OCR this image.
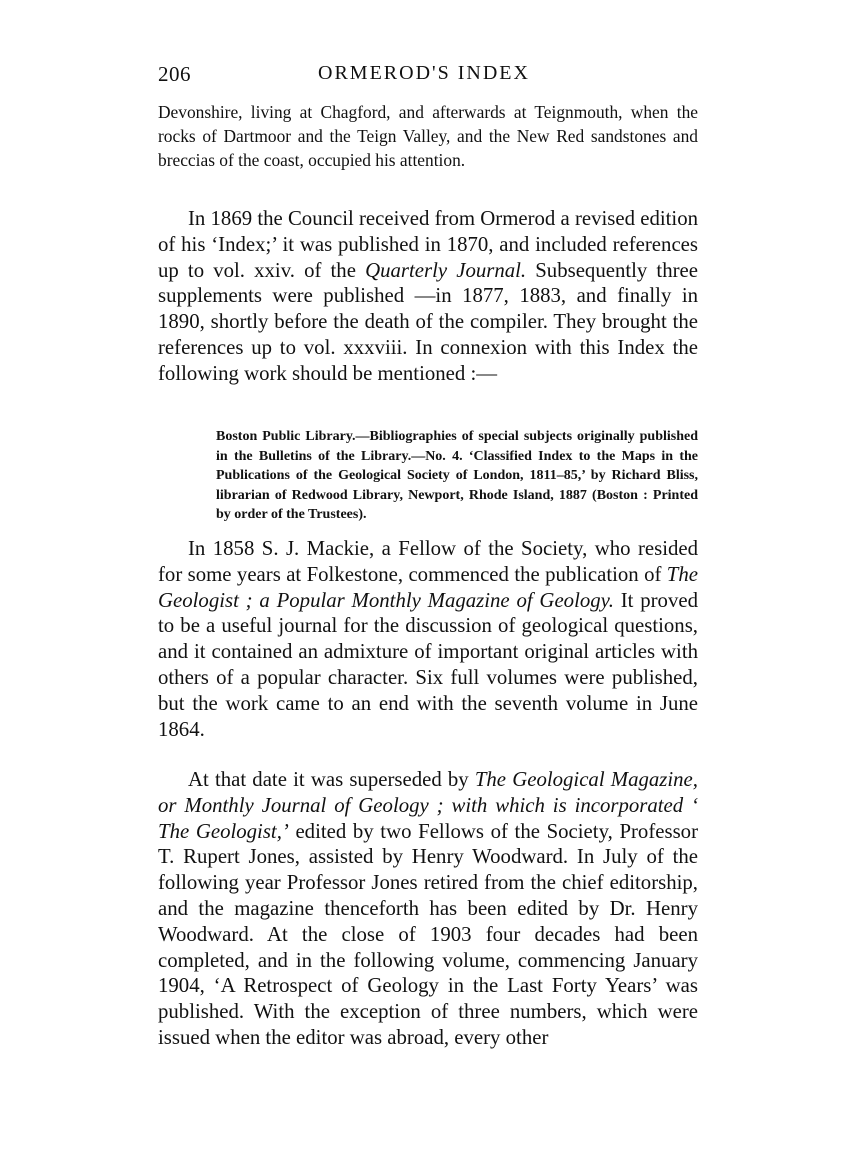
206	ORMEROD'S INDEX

Devonshire, living at Chagford, and afterwards at Teignmouth, when the rocks of Dartmoor and the Teign Valley, and the New Red sandstones and breccias of the coast, occupied his attention.

In 1869 the Council received from Ormerod a revised edition of his ‘Index;’ it was published in 1870, and included references up to vol. xxiv. of the Quarterly Journal. Subsequently three supplements were published —in 1877, 1883, and finally in 1890, shortly before the death of the compiler. They brought the references up to vol. xxxviii. In connexion with this Index the following work should be mentioned :—

Boston Public Library.—Bibliographies of special subjects originally published in the Bulletins of the Library.—No. 4. ‘Classified Index to the Maps in the Publications of the Geological Society of London, 1811–85,’ by Richard Bliss, librarian of Redwood Library, Newport, Rhode Island, 1887 (Boston : Printed by order of the Trustees).

In 1858 S. J. Mackie, a Fellow of the Society, who resided for some years at Folkestone, commenced the publication of The Geologist ; a Popular Monthly Magazine of Geology. It proved to be a useful journal for the discussion of geological questions, and it contained an admixture of important original articles with others of a popular character. Six full volumes were published, but the work came to an end with the seventh volume in June 1864.

At that date it was superseded by The Geological Magazine, or Monthly Journal of Geology ; with which is incorporated ‘ The Geologist,’ edited by two Fellows of the Society, Professor T. Rupert Jones, assisted by Henry Woodward. In July of the following year Professor Jones retired from the chief editorship, and the magazine thenceforth has been edited by Dr. Henry Woodward. At the close of 1903 four decades had been completed, and in the following volume, commencing January 1904, ‘A Retrospect of Geology in the Last Forty Years’ was published. With the exception of three numbers, which were issued when the editor was abroad, every other
